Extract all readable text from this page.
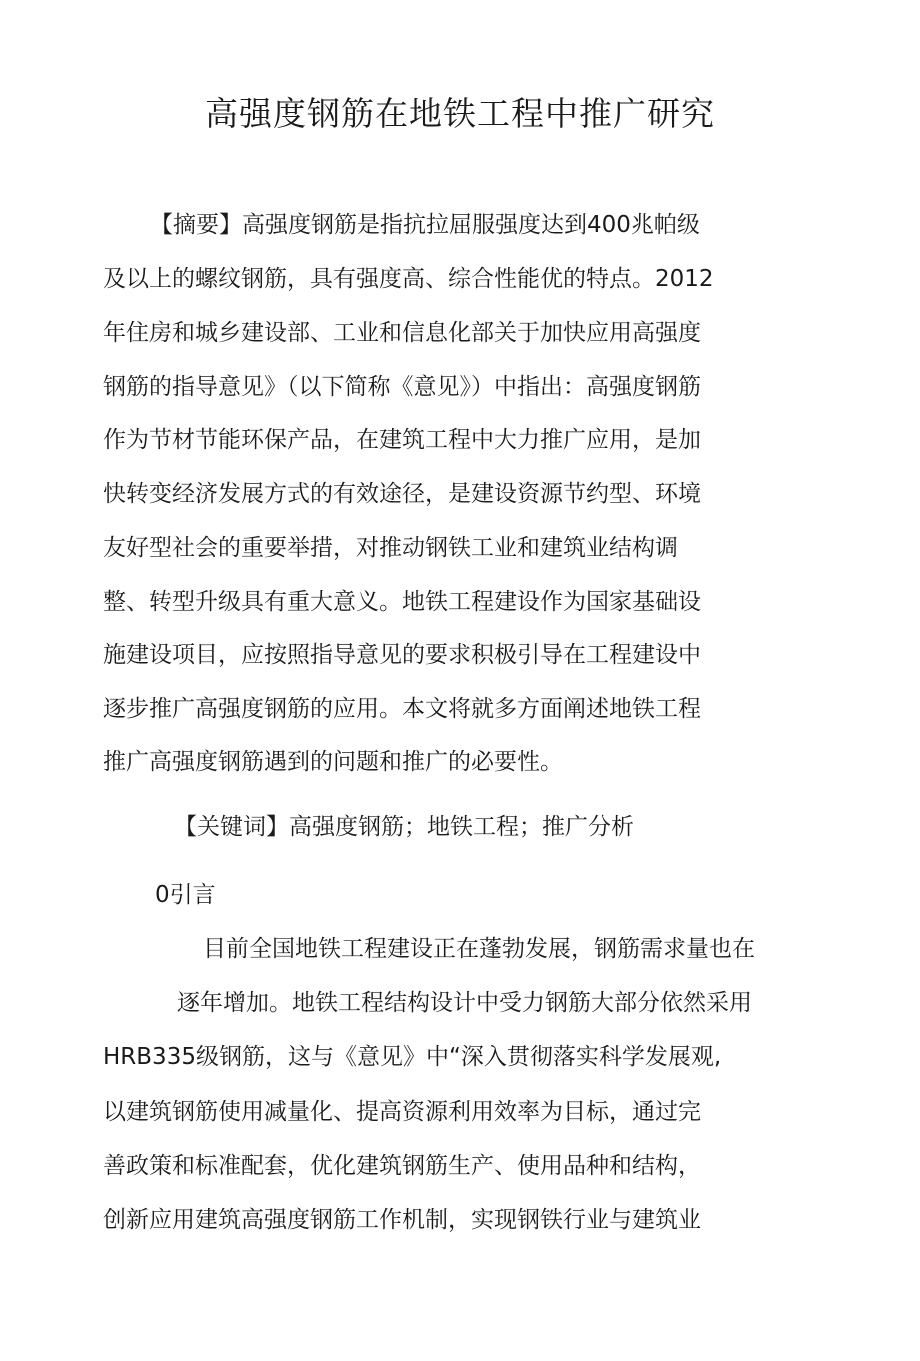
高强度钢筋在地铁工程中推广研究
【摘要】高强度钢筋是指抗拉屈服强度达到400兆帕级
及以上的螺纹钢筋，具有强度高、综合性能优的特点。2012
年住房和城乡建设部、工业和信息化部关于加快应用高强度
钢筋的指导意见》（以下简称《意见》）中指出：高强度钢筋
作为节材节能环保产品，在建筑工程中大力推广应用，是加
快转变经济发展方式的有效途径，是建设资源节约型、环境
友好型社会的重要举措，对推动钢铁工业和建筑业结构调
整、转型升级具有重大意义。地铁工程建设作为国家基础设
施建设项目，应按照指导意见的要求积极引导在工程建设中
逐步推广高强度钢筋的应用。本文将就多方面阐述地铁工程
推广高强度钢筋遇到的问题和推广的必要性。
【关键词】高强度钢筋；地铁工程；推广分析
0引言
目前全国地铁工程建设正在蓬勃发展，钢筋需求量也在
逐年增加。地铁工程结构设计中受力钢筋大部分依然采用
HRB335级钢筋，这与《意见》中“深入贯彻落实科学发展观,
以建筑钢筋使用减量化、提高资源利用效率为目标，通过完
善政策和标准配套，优化建筑钢筋生产、使用品种和结构，
创新应用建筑高强度钢筋工作机制，实现钢铁行业与建筑业
